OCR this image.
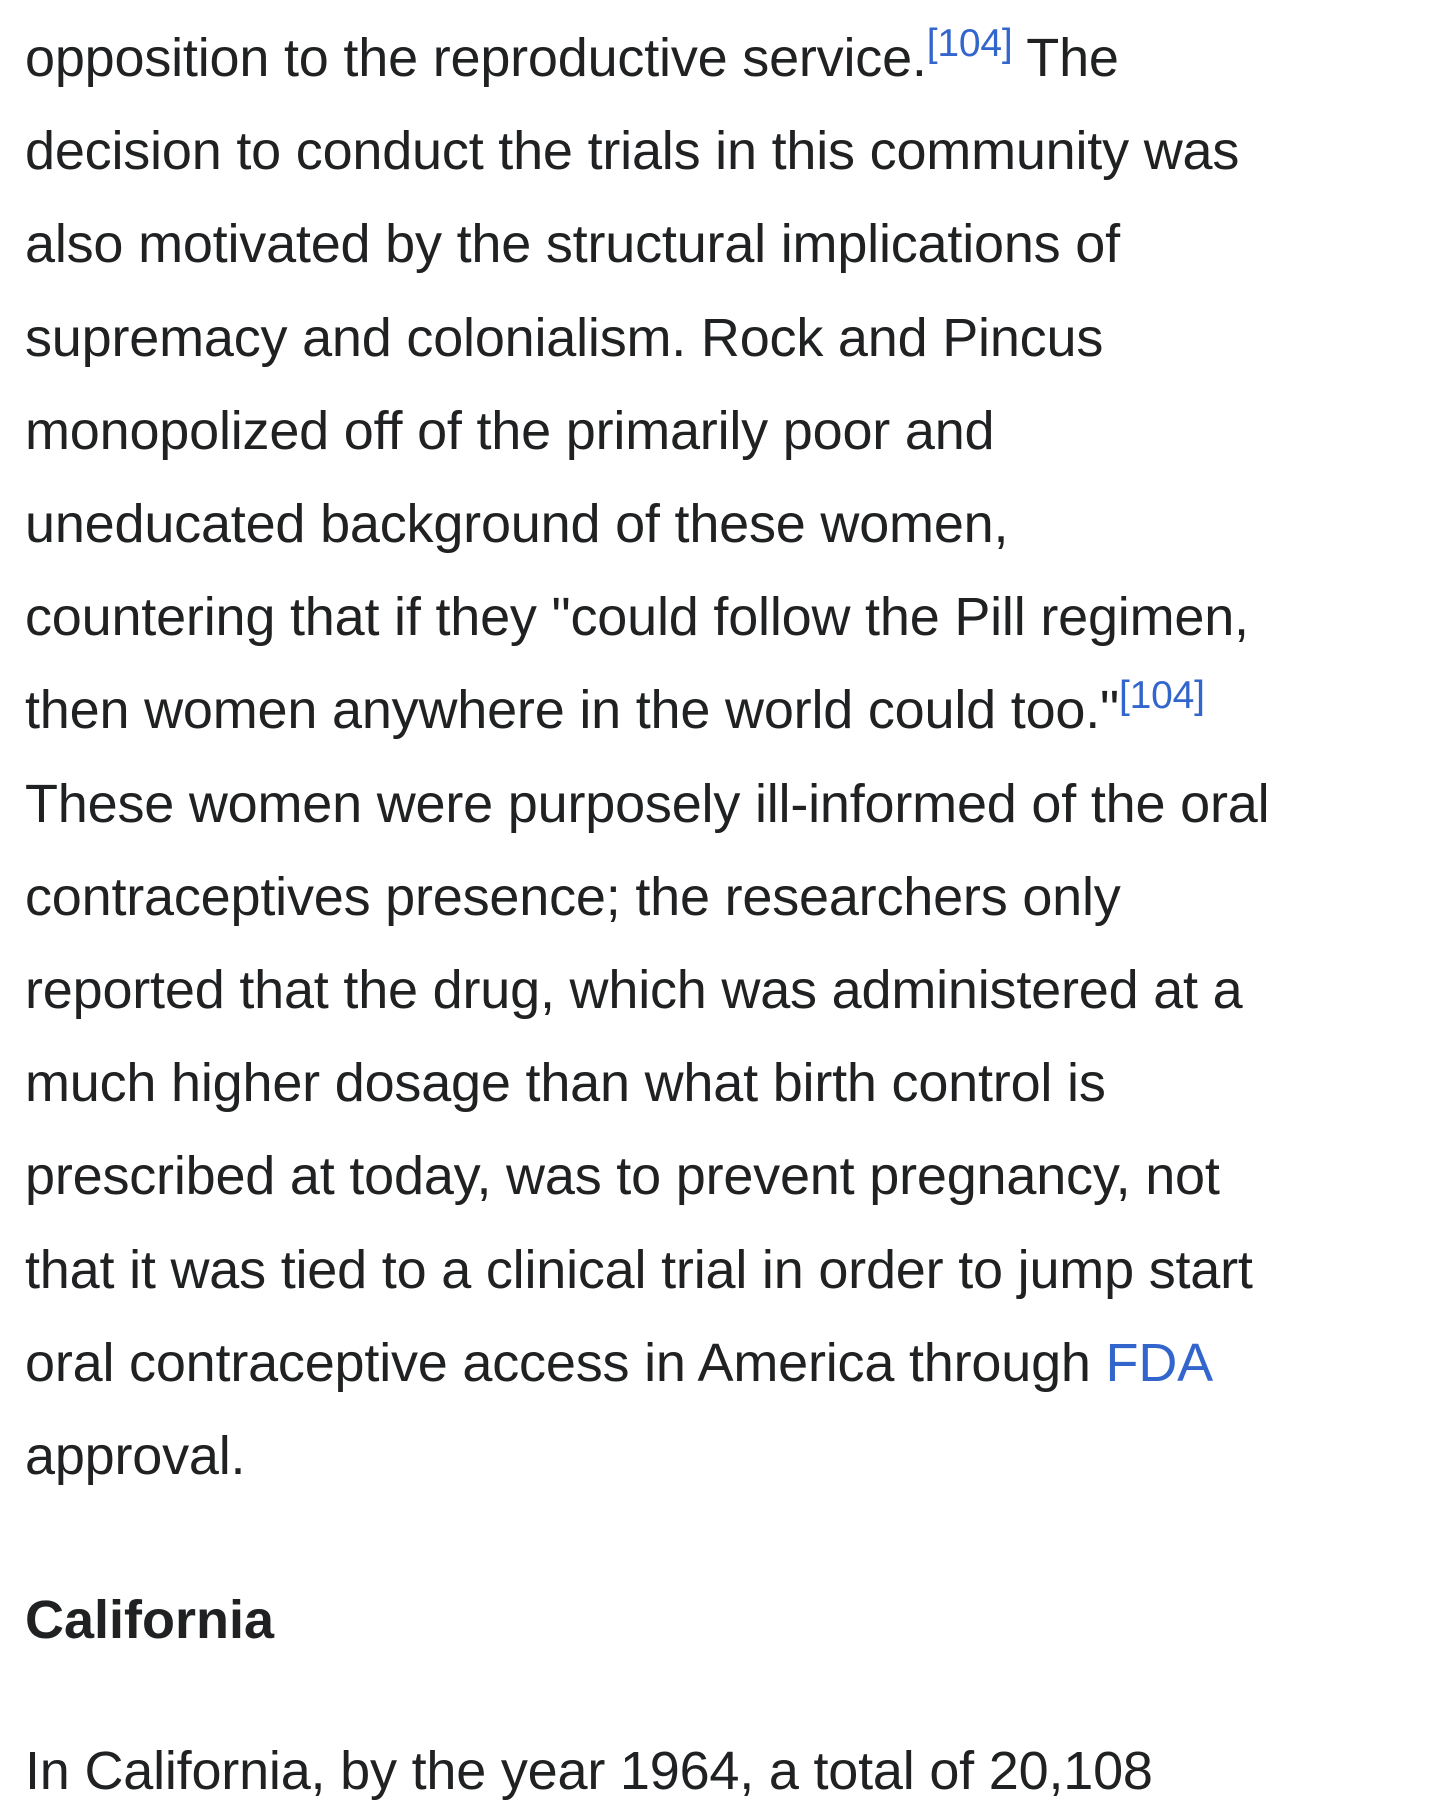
opposition to the reproductive service.[104] The
decision to conduct the trials in this community was
also motivated by the structural implications of
supremacy and colonialism. Rock and Pincus
monopolized off of the primarily poor and
uneducated background of these women,
countering that if they "could follow the Pill regimen,
then women anywhere in the world could too."[104]
These women were purposely ill-informed of the oral
contraceptives presence; the researchers only
reported that the drug, which was administered at a
much higher dosage than what birth control is
prescribed at today, was to prevent pregnancy, not
that it was tied to a clinical trial in order to jump start
oral contraceptive access in America through FDA
approval.

California

In California, by the year 1964, a total of 20,108
